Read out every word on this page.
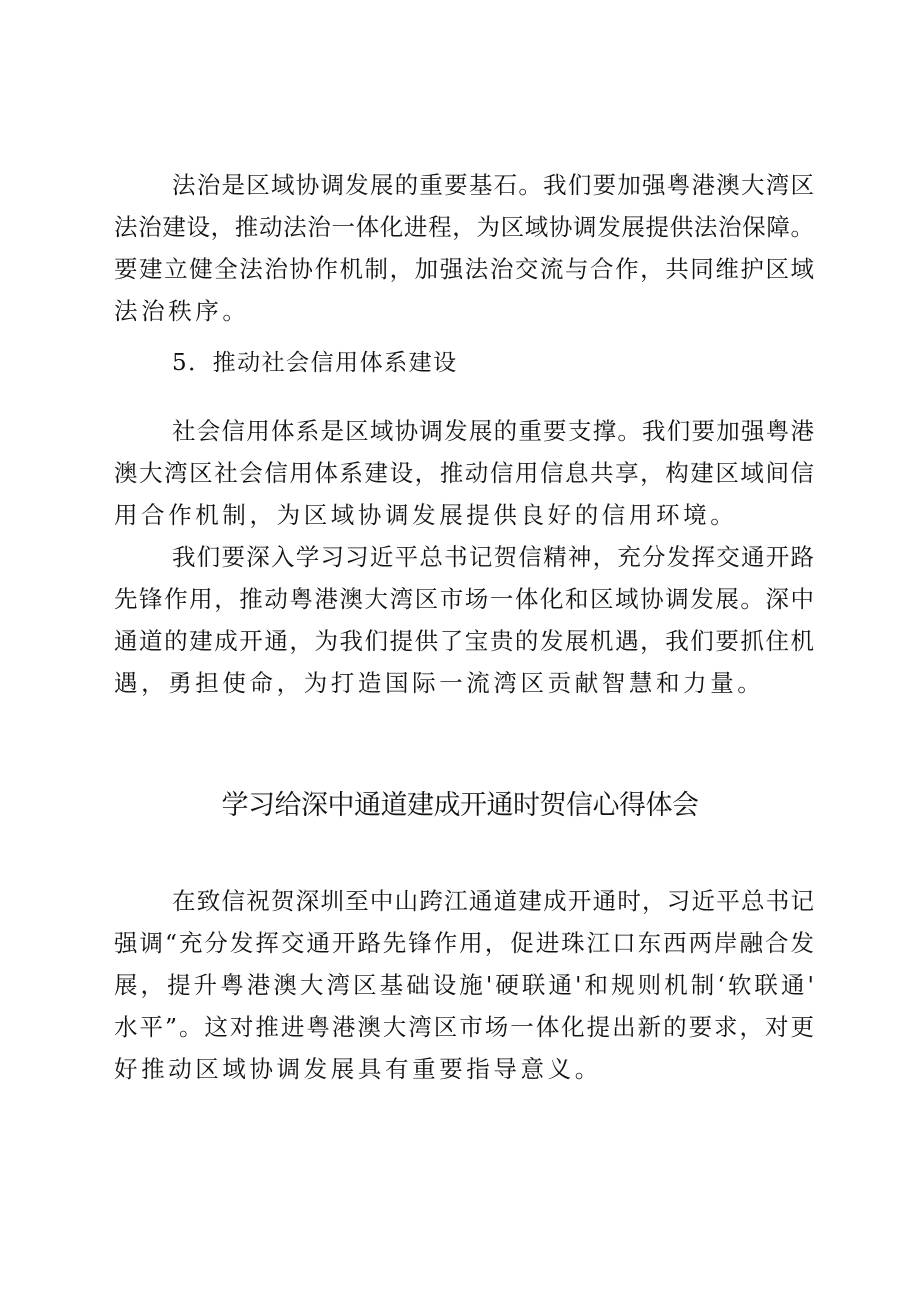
法治是区域协调发展的重要基石。我们要加强粤港澳大湾区
法治建设，推动法治一体化进程，为区域协调发展提供法治保障。
要建立健全法治协作机制，加强法治交流与合作，共同维护区域
法治秩序。
5．推动社会信用体系建设
社会信用体系是区域协调发展的重要支撑。我们要加强粤港
澳大湾区社会信用体系建设，推动信用信息共享，构建区域间信
用合作机制，为区域协调发展提供良好的信用环境。
我们要深入学习习近平总书记贺信精神，充分发挥交通开路
先锋作用，推动粤港澳大湾区市场一体化和区域协调发展。深中
通道的建成开通，为我们提供了宝贵的发展机遇，我们要抓住机
遇，勇担使命，为打造国际一流湾区贡献智慧和力量。
学习给深中通道建成开通时贺信心得体会
在致信祝贺深圳至中山跨江通道建成开通时，习近平总书记
强调“充分发挥交通开路先锋作用，促进珠江口东西两岸融合发
展，提升粤港澳大湾区基础设施'硬联通'和规则机制‘软联通'
水平”。这对推进粤港澳大湾区市场一体化提出新的要求，对更
好推动区域协调发展具有重要指导意义。
